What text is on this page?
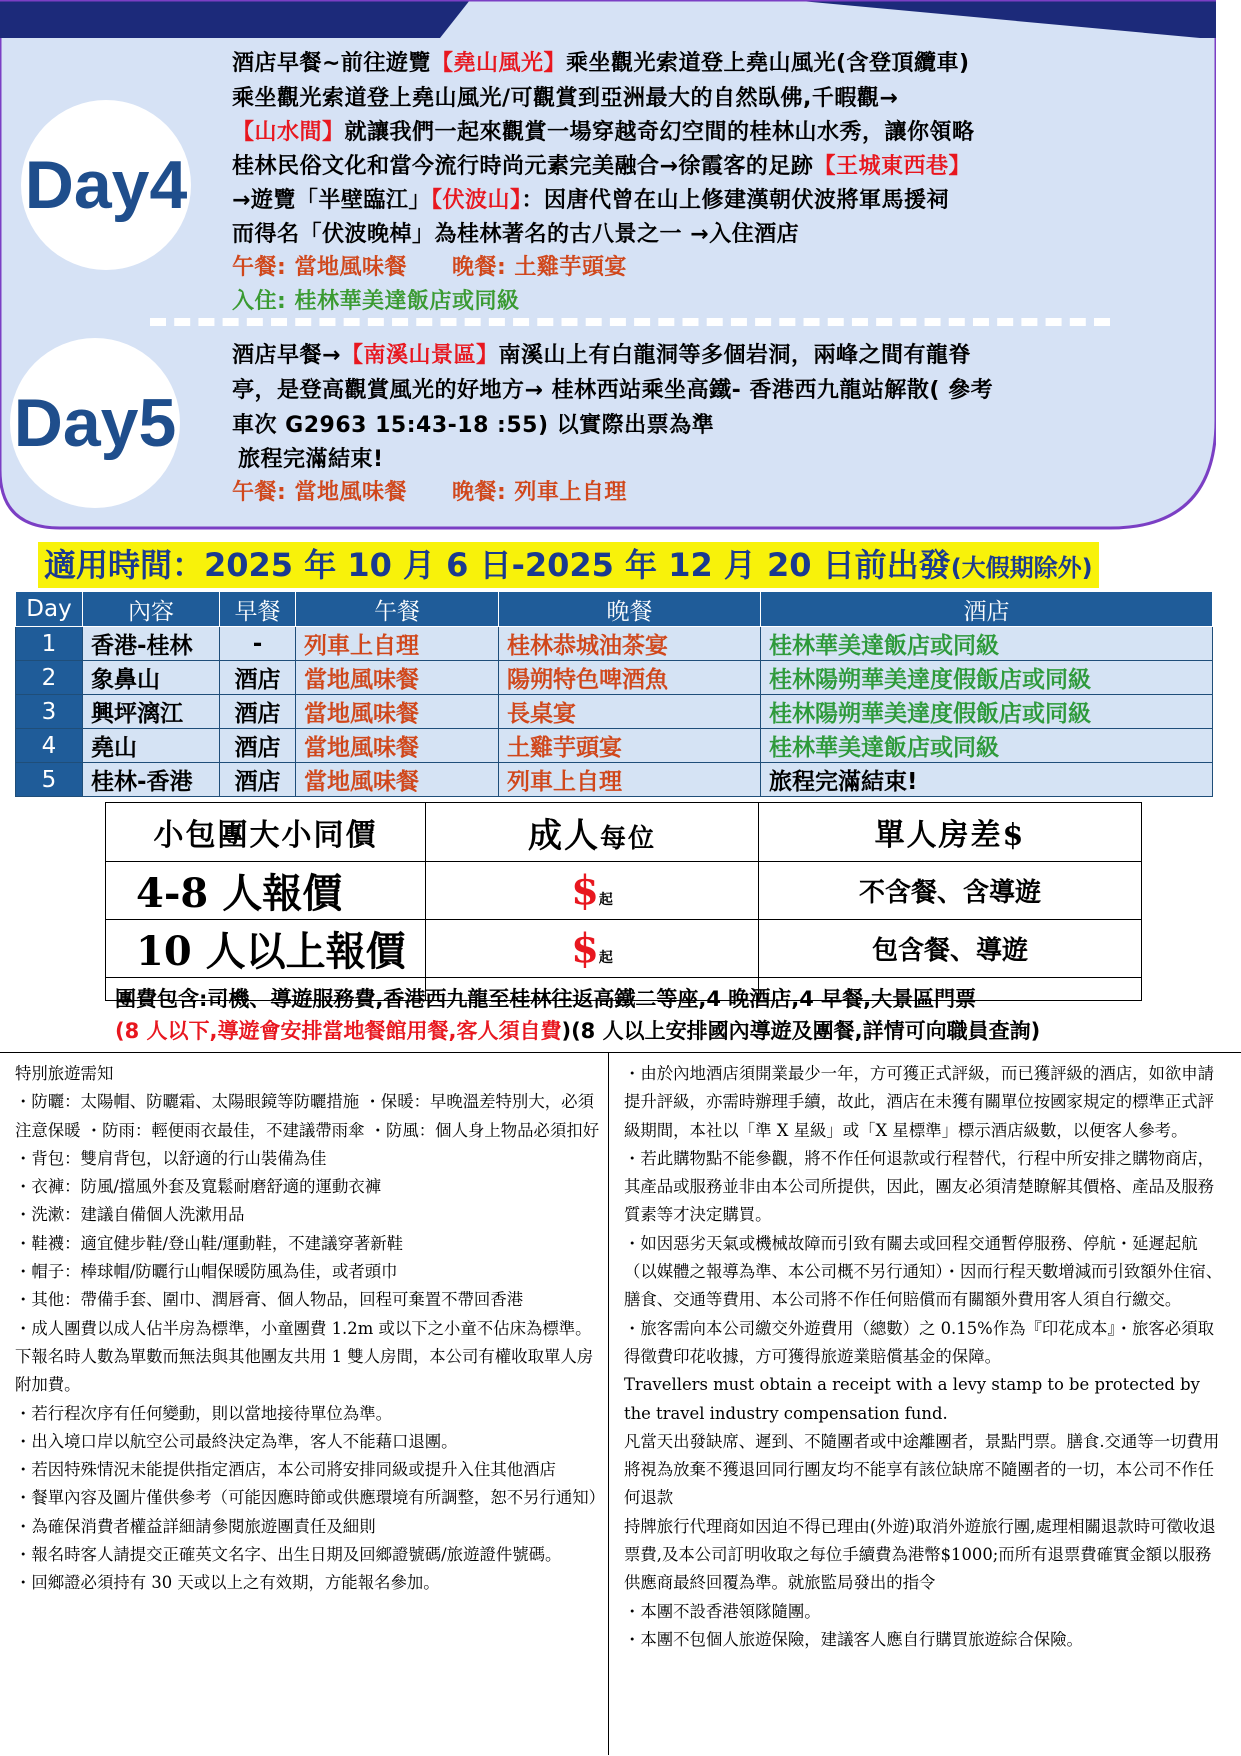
Day4
Day5
酒店早餐~前往遊覽【堯山風光】乘坐觀光索道登上堯山風光(含登頂纜車)
乘坐觀光索道登上堯山風光/可觀賞到亞洲最大的自然臥佛,千暇觀→
【山水間】就讓我們一起來觀賞一場穿越奇幻空間的桂林山水秀，讓你領略
桂林民俗文化和當今流行時尚元素完美融合→徐霞客的足跡【王城東西巷】
→遊覽「半壁臨江」【伏波山】：因唐代曾在山上修建漢朝伏波將軍馬援祠
而得名「伏波晚棹」為桂林著名的古八景之一 →入住酒店
午餐: 當地風味餐　　晚餐: 土雞芋頭宴
入住: 桂林華美達飯店或同級
酒店早餐→【南溪山景區】南溪山上有白龍洞等多個岩洞，兩峰之間有龍脊
亭，是登高觀賞風光的好地方→ 桂林西站乘坐高鐵- 香港西九龍站解散( 參考
車次 G2963 15:43-18 :55) 以實際出票為準
旅程完滿結束!
午餐: 當地風味餐　　晚餐: 列車上自理
適用時間：2025 年 10 月 6 日-2025 年 12 月 20 日前出發(大假期除外)
Day	內容	早餐	午餐	晚餐	酒店
1	香港-桂林	-	列車上自理	桂林恭城油茶宴	桂林華美達飯店或同級
2	象鼻山	酒店	當地風味餐	陽朔特色啤酒魚	桂林陽朔華美達度假飯店或同級
3	興坪漓江	酒店	當地風味餐	長桌宴	桂林陽朔華美達度假飯店或同級
4	堯山	酒店	當地風味餐	土雞芋頭宴	桂林華美達飯店或同級
5	桂林-香港	酒店	當地風味餐	列車上自理	旅程完滿結束!
小包團大小同價	成人每位	單人房差$
4-8 人報價	$起	不含餐、含導遊
10 人以上報價	$起	包含餐、導遊

團費包含:司機、導遊服務費,香港西九龍至桂林往返高鐵二等座,4 晚酒店,4 早餐,大景區門票
(8 人以下,導遊會安排當地餐館用餐,客人須自費)(8 人以上安排國內導遊及團餐,詳情可向職員查詢)

特別旅遊需知

・防曬：太陽帽、防曬霜、太陽眼鏡等防曬措施 ・保暖：早晚溫差特別大，必須注意保暖 ・防雨：輕便雨衣最佳，不建議帶雨傘 ・防風：個人身上物品必須扣好 ・背包：雙肩背包，以舒適的行山裝備為佳

・衣褲：防風/擋風外套及寬鬆耐磨舒適的運動衣褲

・洗漱：建議自備個人洗漱用品

・鞋襪：適宜健步鞋/登山鞋/運動鞋，不建議穿著新鞋

・帽子：棒球帽/防曬行山帽保暖防風為佳，或者頭巾

・其他：帶備手套、圍巾、潤唇膏、個人物品，回程可棄置不帶回香港

・成人團費以成人佔半房為標準，小童團費 1.2m 或以下之小童不佔床為標準。

下報名時人數為單數而無法與其他團友共用 1 雙人房間，本公司有權收取單人房附加費。

・若行程次序有任何變動，則以當地接待單位為準。

・出入境口岸以航空公司最終決定為準，客人不能藉口退團。

・若因特殊情況未能提供指定酒店，本公司將安排同級或提升入住其他酒店

・餐單內容及圖片僅供參考（可能因應時節或供應環境有所調整，恕不另行通知）

・為確保消費者權益詳細請參閱旅遊團責任及細則

・報名時客人請提交正確英文名字、出生日期及回鄉證號碼/旅遊證件號碼。

・回鄉證必須持有 30 天或以上之有效期，方能報名參加。

・由於內地酒店須開業最少一年，方可獲正式評級，而已獲評級的酒店，如欲申請提升評級，亦需時辦理手續，故此，酒店在未獲有關單位按國家規定的標準正式評級期間，本社以「準 X 星級」或「X 星標準」標示酒店級數，以便客人參考。

・若此購物點不能參觀，將不作任何退款或行程替代，行程中所安排之購物商店，其產品或服務並非由本公司所提供，因此，團友必須清楚瞭解其價格、產品及服務質素等才決定購買。

・如因惡劣天氣或機械故障而引致有關去或回程交通暫停服務、停航・延遲起航（以媒體之報導為準、本公司概不另行通知）・因而行程天數增減而引致額外住宿、膳食、交通等費用、本公司將不作任何賠償而有關額外費用客人須自行繳交。

・旅客需向本公司繳交外遊費用（總數）之 0.15%作為『印花成本』・旅客必須取得徵費印花收據，方可獲得旅遊業賠償基金的保障。

Travellers must obtain a receipt with a levy stamp to be protected by the travel industry compensation fund.

凡當天出發缺席、遲到、不隨團者或中途離團者，景點門票。膳食.交通等一切費用將視為放棄不獲退回同行團友均不能享有該位缺席不隨團者的一切，本公司不作任何退款

持牌旅行代理商如因迫不得已理由(外遊)取消外遊旅行團,處理相關退款時可徵收退票費,及本公司訂明收取之每位手續費為港幣$1000;而所有退票費確實金額以服務供應商最終回覆為準。就旅監局發出的指令

・本團不設香港領隊隨團。

・本團不包個人旅遊保險，建議客人應自行購買旅遊綜合保險。
